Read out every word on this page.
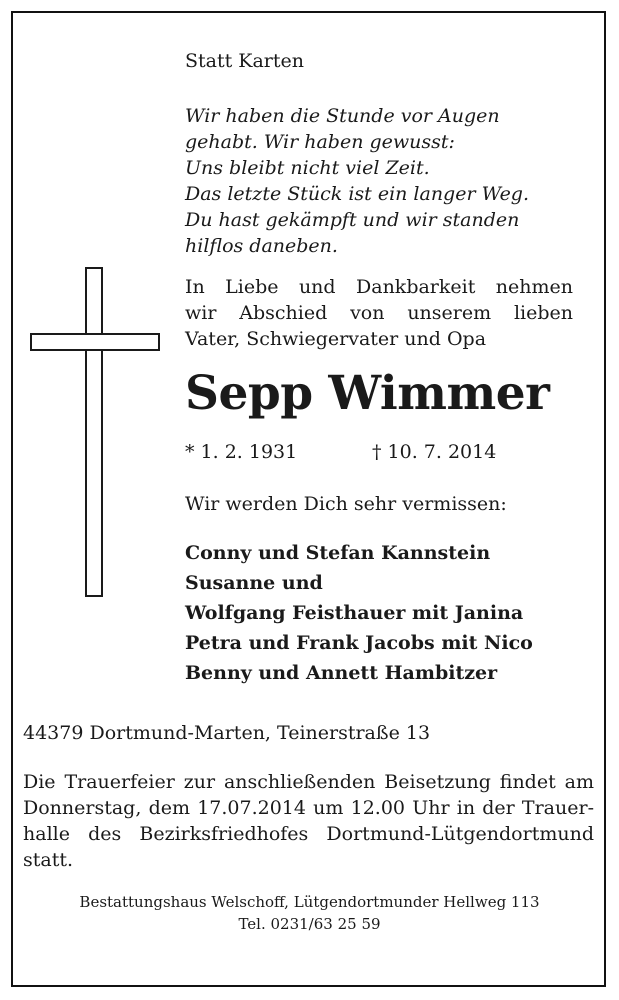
Statt Karten

Wir haben die Stunde vor Augen
gehabt. Wir haben gewusst:
Uns bleibt nicht viel Zeit.
Das letzte Stück ist ein langer Weg.
Du hast gekämpft und wir standen
hilflos daneben.
In Liebe und Dankbarkeit nehmen
wir Abschied von unserem lieben
Vater, Schwiegervater und Opa

Sepp Wimmer

* 1. 2. 1931	† 10. 7. 2014

Wir werden Dich sehr vermissen:

Conny und Stefan Kannstein
Susanne und
Wolfgang Feisthauer mit Janina
Petra und Frank Jacobs mit Nico
Benny und Annett Hambitzer

44379 Dortmund-Marten, Teinerstraße 13

Die Trauerfeier zur anschließenden Beisetzung findet am
Donnerstag, dem 17.07.2014 um 12.00 Uhr in der Trauer-
halle des Bezirksfriedhofes Dortmund-Lütgendortmund
statt.

Bestattungshaus Welschoff, Lütgendortmunder Hellweg 113

Tel. 0231/63 25 59
